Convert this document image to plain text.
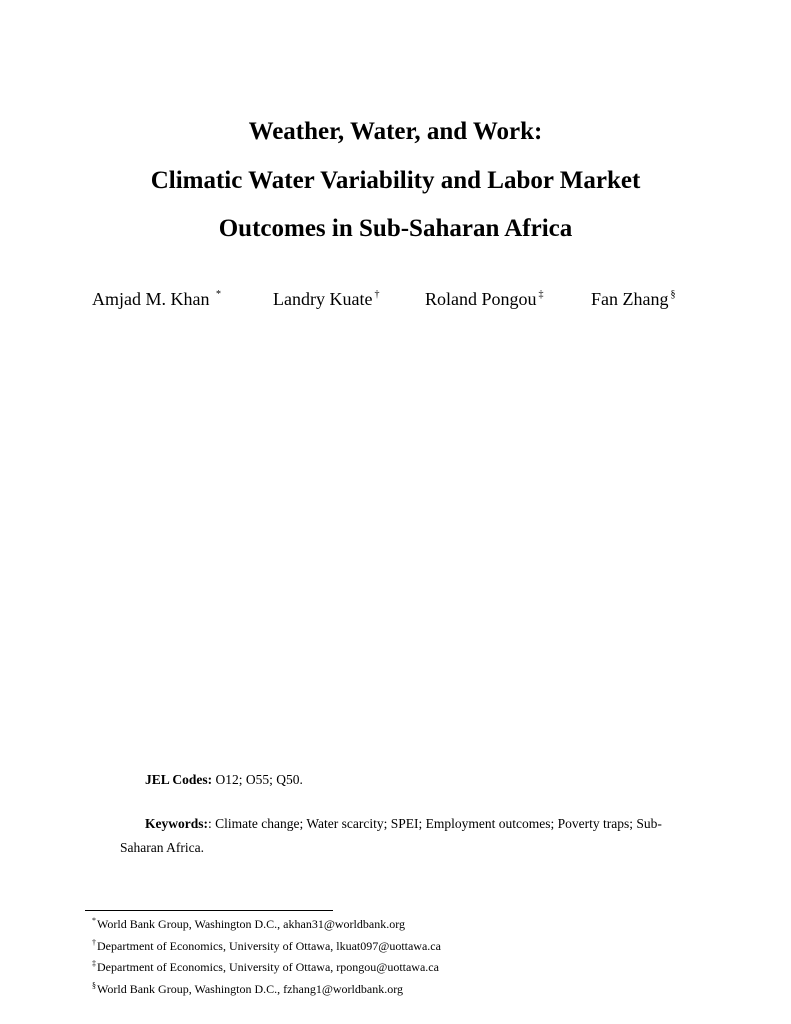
Weather, Water, and Work:
Climatic Water Variability and Labor Market
Outcomes in Sub-Saharan Africa
Amjad M. Khan *	Landry Kuate †	Roland Pongou ‡	Fan Zhang §
JEL Codes: O12; O55; Q50.
Keywords:: Climate change; Water scarcity; SPEI; Employment outcomes; Poverty traps; Sub-Saharan Africa.
*World Bank Group, Washington D.C., akhan31@worldbank.org
†Department of Economics, University of Ottawa, lkuat097@uottawa.ca
‡Department of Economics, University of Ottawa, rpongou@uottawa.ca
§World Bank Group, Washington D.C., fzhang1@worldbank.org
